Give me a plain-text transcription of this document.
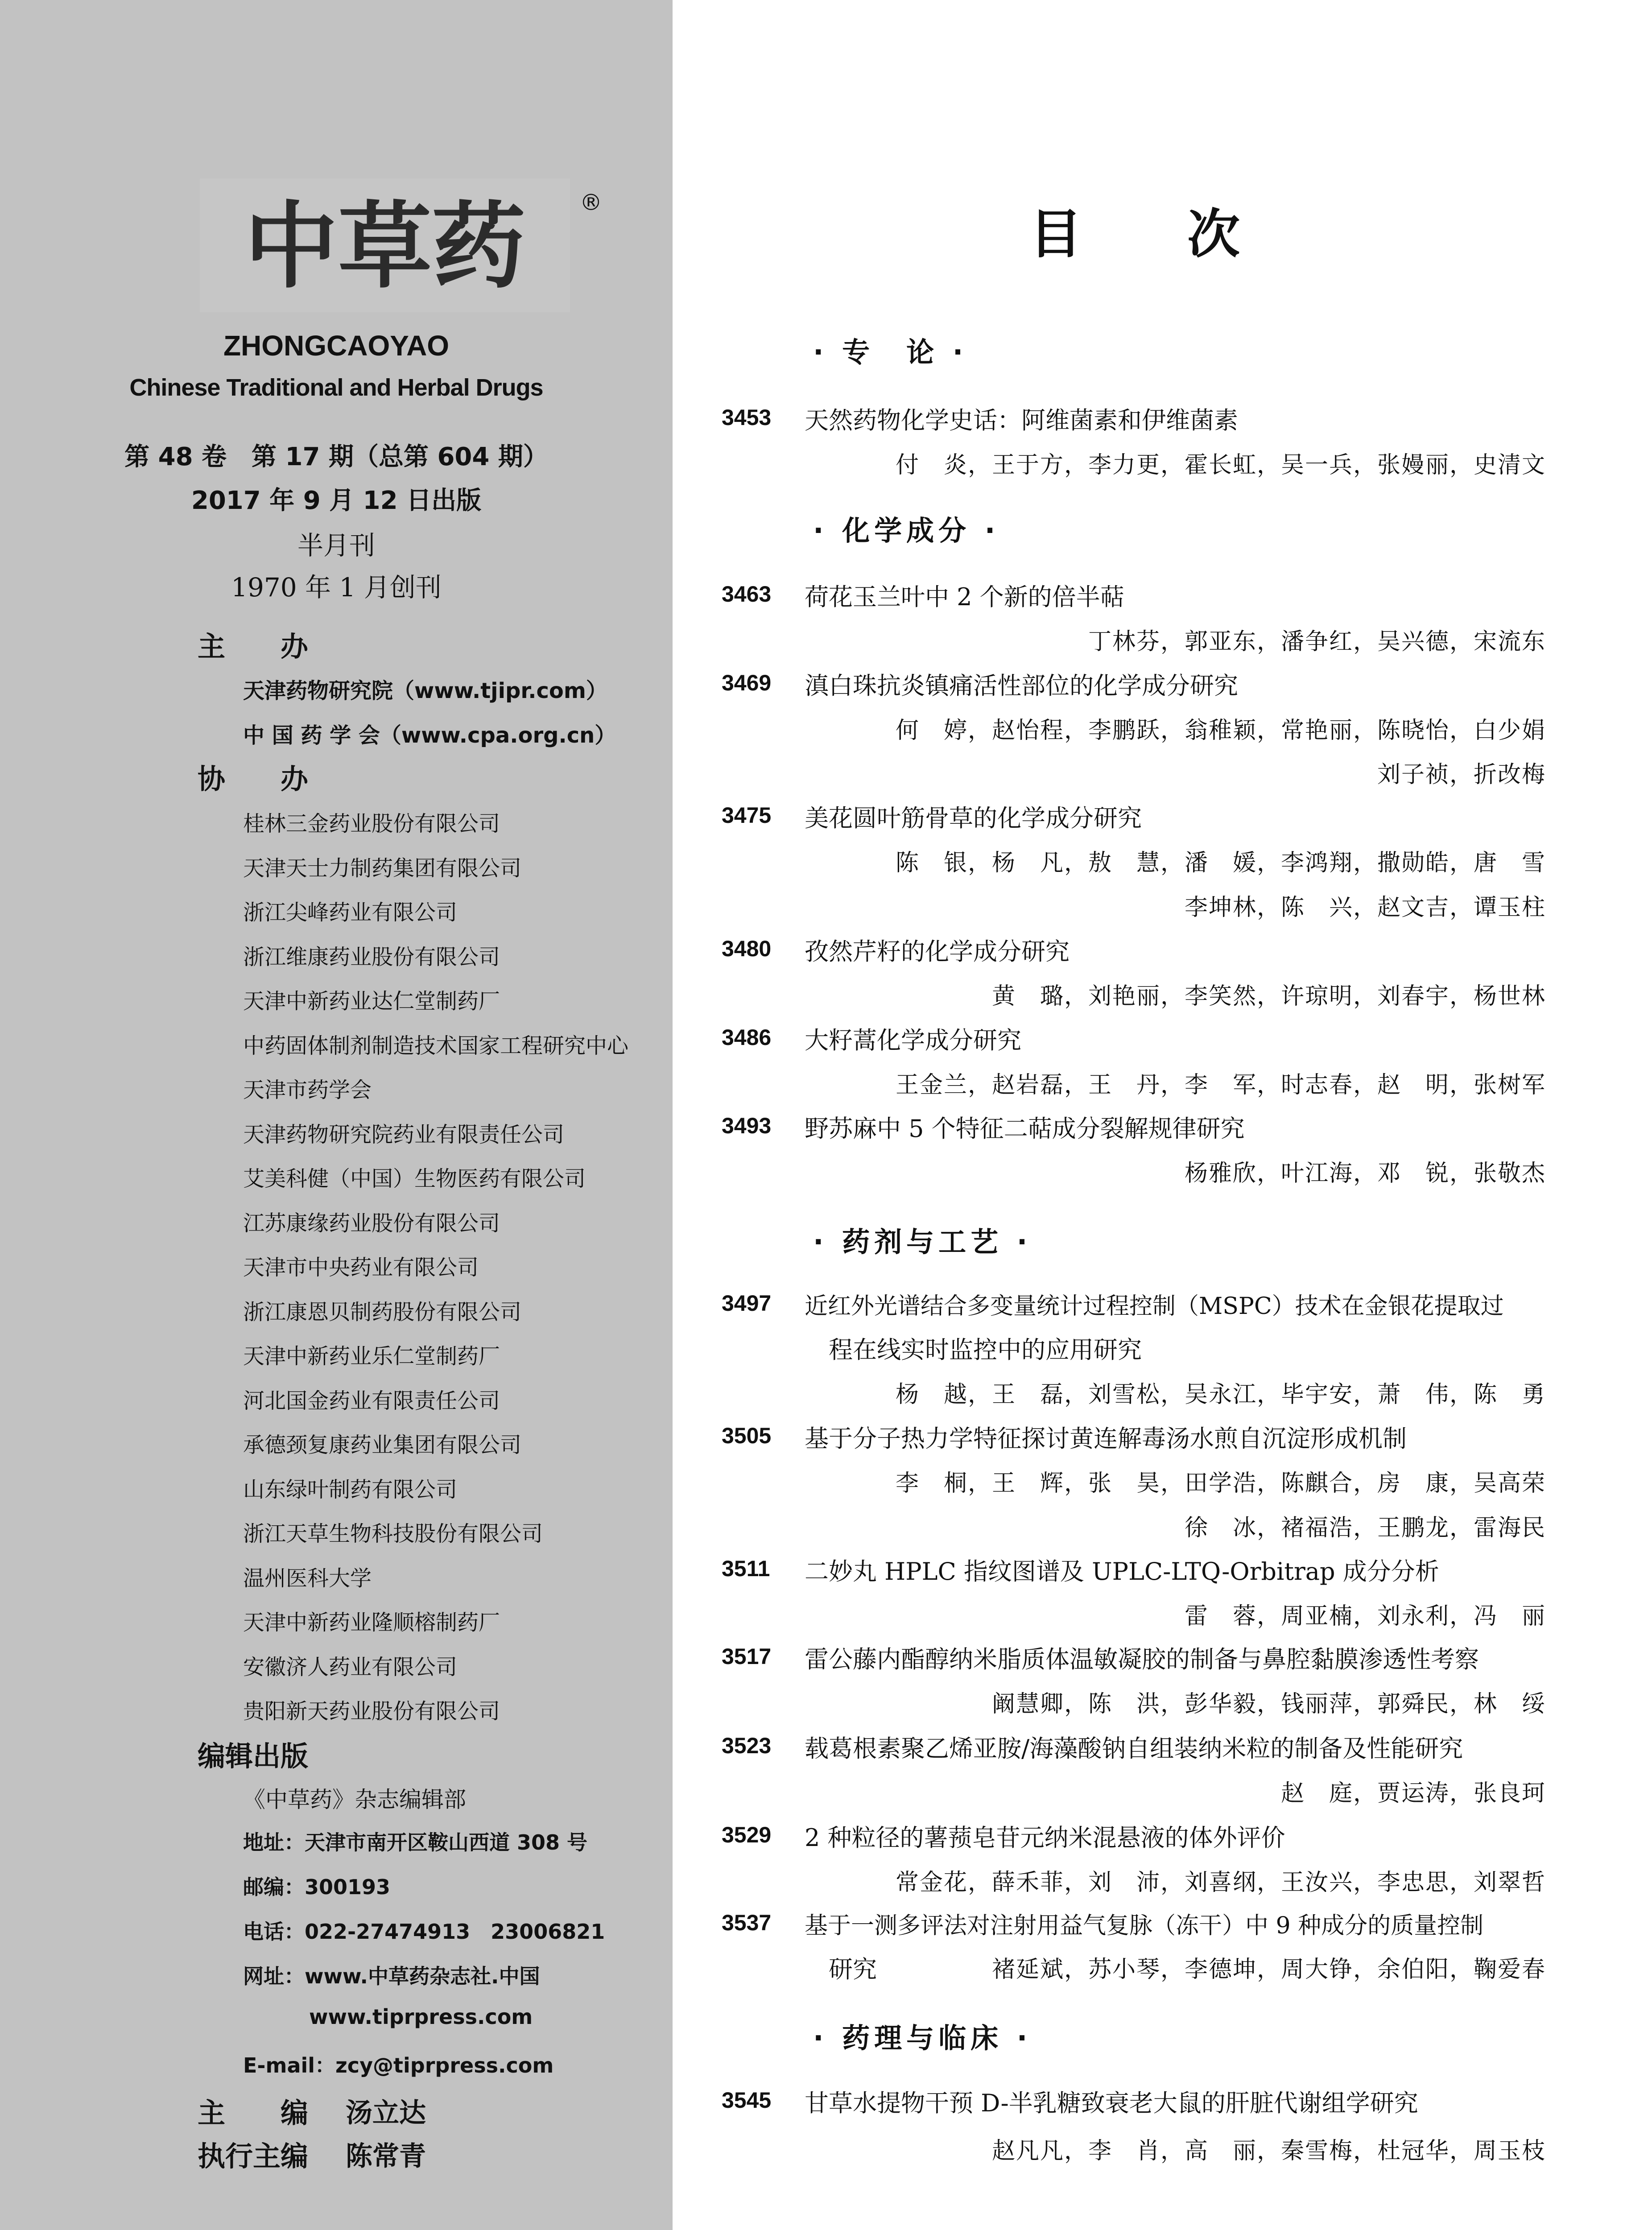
中草药 ®
ZHONGCAOYAO
Chinese Traditional and Herbal Drugs
第 48 卷　第 17 期（总第 604 期）
2017 年 9 月 12 日出版
半月刊
1970 年 1 月创刊
主　　办
天津药物研究院（www.tjipr.com）
中 国 药 学 会（www.cpa.org.cn）
协　　办
桂林三金药业股份有限公司
天津天士力制药集团有限公司
浙江尖峰药业有限公司
浙江维康药业股份有限公司
天津中新药业达仁堂制药厂
中药固体制剂制造技术国家工程研究中心
天津市药学会
天津药物研究院药业有限责任公司
艾美科健（中国）生物医药有限公司
江苏康缘药业股份有限公司
天津市中央药业有限公司
浙江康恩贝制药股份有限公司
天津中新药业乐仁堂制药厂
河北国金药业有限责任公司
承德颈复康药业集团有限公司
山东绿叶制药有限公司
浙江天草生物科技股份有限公司
温州医科大学
天津中新药业隆顺榕制药厂
安徽济人药业有限公司
贵阳新天药业股份有限公司
编辑出版
《中草药》杂志编辑部
地址：天津市南开区鞍山西道 308 号
邮编：300193
电话：022-27474913　23006821
网址：www.中草药杂志社.中国
www.tiprpress.com
E-mail：zcy@tiprpress.com
主　　编 汤立达
执行主编 陈常青
目　　次
· 专　论 ·
· 化学成分 ·
· 药剂与工艺 ·
· 药理与临床 ·
3453
3463
3469
3475
3480
3486
3493
3497
3505
3511
3517
3523
3529
3537
3545
天然药物化学史话：阿维菌素和伊维菌素
荷花玉兰叶中 2 个新的倍半萜
滇白珠抗炎镇痛活性部位的化学成分研究
美花圆叶筋骨草的化学成分研究
孜然芹籽的化学成分研究
大籽蒿化学成分研究
野苏麻中 5 个特征二萜成分裂解规律研究
近红外光谱结合多变量统计过程控制（MSPC）技术在金银花提取过
程在线实时监控中的应用研究
基于分子热力学特征探讨黄连解毒汤水煎自沉淀形成机制
二妙丸 HPLC 指纹图谱及 UPLC-LTQ-Orbitrap 成分分析
雷公藤内酯醇纳米脂质体温敏凝胶的制备与鼻腔黏膜渗透性考察
载葛根素聚乙烯亚胺/海藻酸钠自组装纳米粒的制备及性能研究
2 种粒径的薯蓣皂苷元纳米混悬液的体外评价
基于一测多评法对注射用益气复脉（冻干）中 9 种成分的质量控制
研究
甘草水提物干预 D-半乳糖致衰老大鼠的肝脏代谢组学研究
付　炎，王于方，李力更，霍长虹，吴一兵，张嫚丽，史清文
丁林芬，郭亚东，潘争红，吴兴德，宋流东
何　婷，赵怡程，李鹏跃，翁稚颖，常艳丽，陈晓怡，白少娟
刘子祯，折改梅
陈　银，杨　凡，敖　慧，潘　媛，李鸿翔，撒勋皓，唐　雪
李坤林，陈　兴，赵文吉，谭玉柱
黄　璐，刘艳丽，李笑然，许琼明，刘春宇，杨世林
王金兰，赵岩磊，王　丹，李　军，时志春，赵　明，张树军
杨雅欣，叶江海，邓　锐，张敬杰
杨　越，王　磊，刘雪松，吴永江，毕宇安，萧　伟，陈　勇
李　桐，王　辉，张　昊，田学浩，陈麒合，房　康，吴高荣
徐　冰，褚福浩，王鹏龙，雷海民
雷　蓉，周亚楠，刘永利，冯　丽
阚慧卿，陈　洪，彭华毅，钱丽萍，郭舜民，林　绥
赵　庭，贾运涛，张良珂
常金花，薛禾菲，刘　沛，刘喜纲，王汝兴，李忠思，刘翠哲
褚延斌，苏小琴，李德坤，周大铮，余伯阳，鞠爱春
赵凡凡，李　肖，高　丽，秦雪梅，杜冠华，周玉枝
